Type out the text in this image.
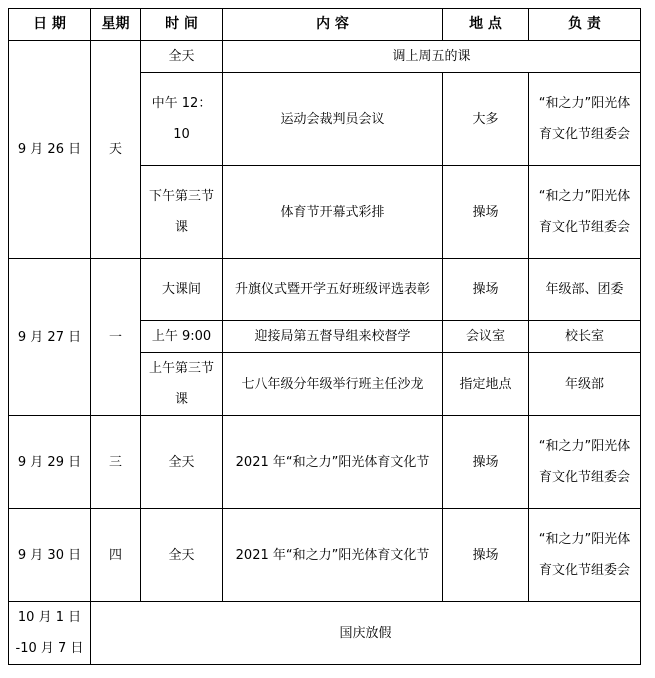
日 期	星期	时 间	内 容	地 点	负 责
9 月 26 日	天	全天	调上周五的课		
		中午 12：10	运动会裁判员会议	大多	“和之力”阳光体育文化节组委会
		下午第三节课	体育节开幕式彩排	操场	“和之力”阳光体育文化节组委会
9 月 27 日	一	大课间	升旗仪式暨开学五好班级评选表彰	操场	年级部、团委
		上午 9:00	迎接局第五督导组来校督学	会议室	校长室
		上午第三节课	七八年级分年级举行班主任沙龙	指定地点	年级部
9 月 29 日	三	全天	2021 年“和之力”阳光体育文化节	操场	“和之力”阳光体育文化节组委会
9 月 30 日	四	全天	2021 年“和之力”阳光体育文化节	操场	“和之力”阳光体育文化节组委会
10 月 1 日 -10 月 7 日	国庆放假				
